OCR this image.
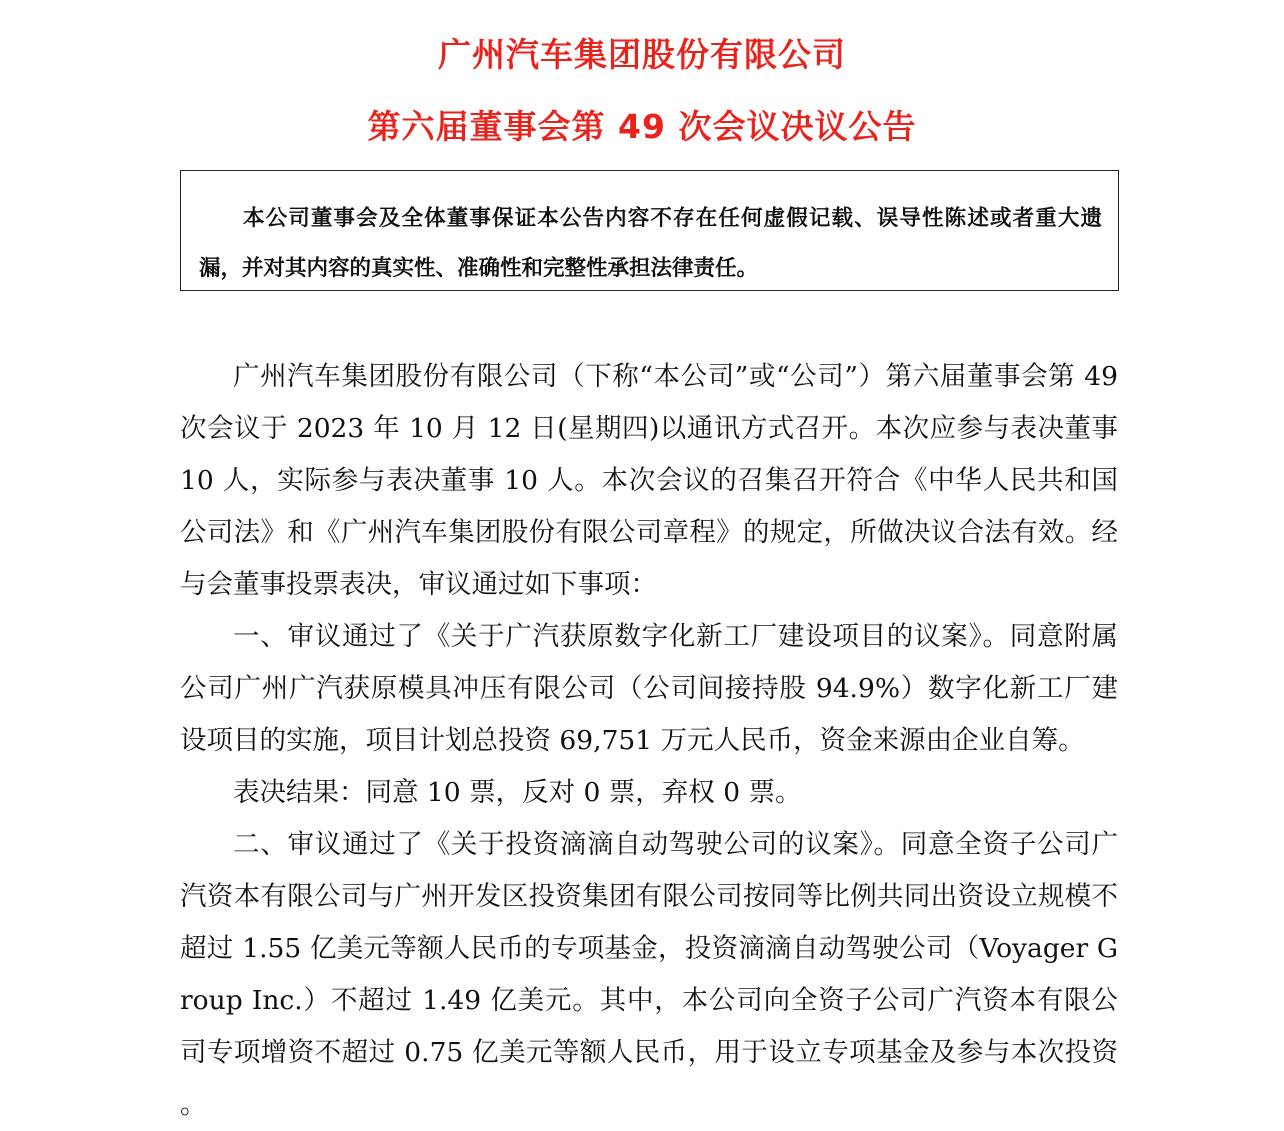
广州汽车集团股份有限公司
第六届董事会第 49 次会议决议公告

本公司董事会及全体董事保证本公告内容不存在任何虚假记载、误导性陈述或者重大遗漏，并对其内容的真实性、准确性和完整性承担法律责任。

广州汽车集团股份有限公司（下称“本公司”或“公司”）第六届董事会第 49 次会议于 2023 年 10 月 12 日(星期四)以通讯方式召开。本次应参与表决董事 10 人，实际参与表决董事 10 人。本次会议的召集召开符合《中华人民共和国公司法》和《广州汽车集团股份有限公司章程》的规定，所做决议合法有效。经与会董事投票表决，审议通过如下事项：

一、审议通过了《关于广汽获原数字化新工厂建设项目的议案》。同意附属公司广州广汽获原模具冲压有限公司（公司间接持股 94.9%）数字化新工厂建设项目的实施，项目计划总投资 69,751 万元人民币，资金来源由企业自筹。

表决结果：同意 10 票，反对 0 票，弃权 0 票。

二、审议通过了《关于投资滴滴自动驾驶公司的议案》。同意全资子公司广汽资本有限公司与广州开发区投资集团有限公司按同等比例共同出资设立规模不超过 1.55 亿美元等额人民币的专项基金，投资滴滴自动驾驶公司（Voyager Group Inc.）不超过 1.49 亿美元。其中，本公司向全资子公司广汽资本有限公司专项增资不超过 0.75 亿美元等额人民币，用于设立专项基金及参与本次投资。
